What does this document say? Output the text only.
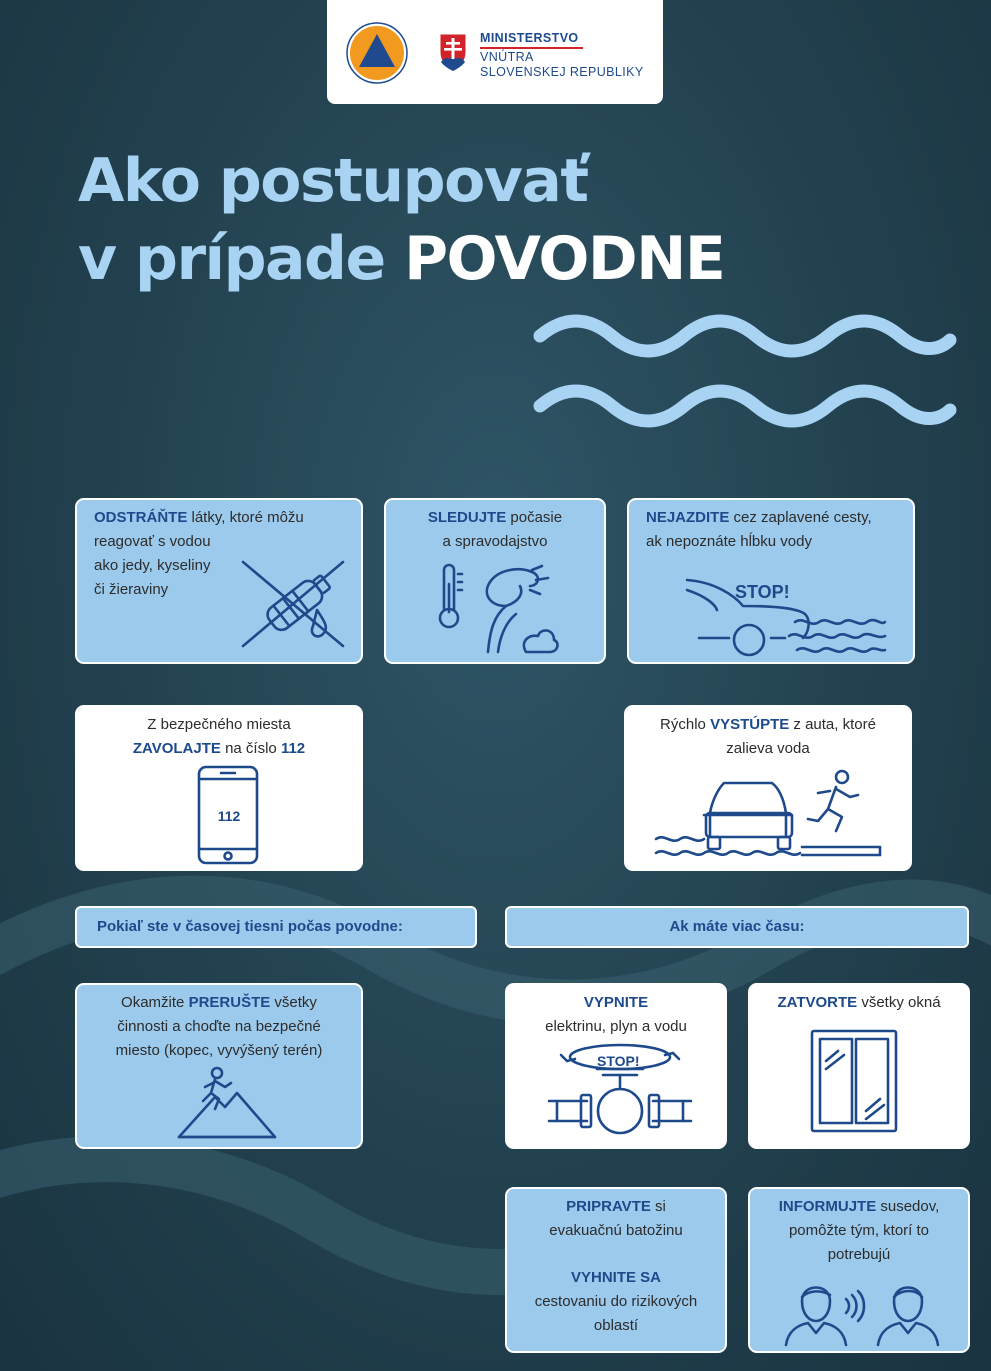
MINISTERSTVO
VNÚTRA
SLOVENSKEJ REPUBLIKY
Ako postupovať
v prípade POVODNE
ODSTRÁŇTE látky, ktoré môžu
reagovať s vodou
ako jedy, kyseliny
či žieraviny
SLEDUJTE počasie
a spravodajstvo
NEJAZDITE cez zaplavené cesty,
ak nepoznáte hĺbku vody
STOP!
Z bezpečného miesta
ZAVOLAJTE na číslo 112
112
Rýchlo VYSTÚPTE z auta, ktoré
zalieva voda
Pokiaľ ste v časovej tiesni počas povodne:	Ak máte viac času:
Okamžite PRERUŠTE všetky
činnosti a choďte na bezpečné
miesto (kopec, vyvýšený terén)
VYPNITE
elektrinu, plyn a vodu
STOP!
ZATVORTE všetky okná
PRIPRAVTE si
evakuačnú batožinu
VYHNITE SA
cestovaniu do rizikových
oblastí
INFORMUJTE susedov,
pomôžte tým, ktorí to
potrebujú
